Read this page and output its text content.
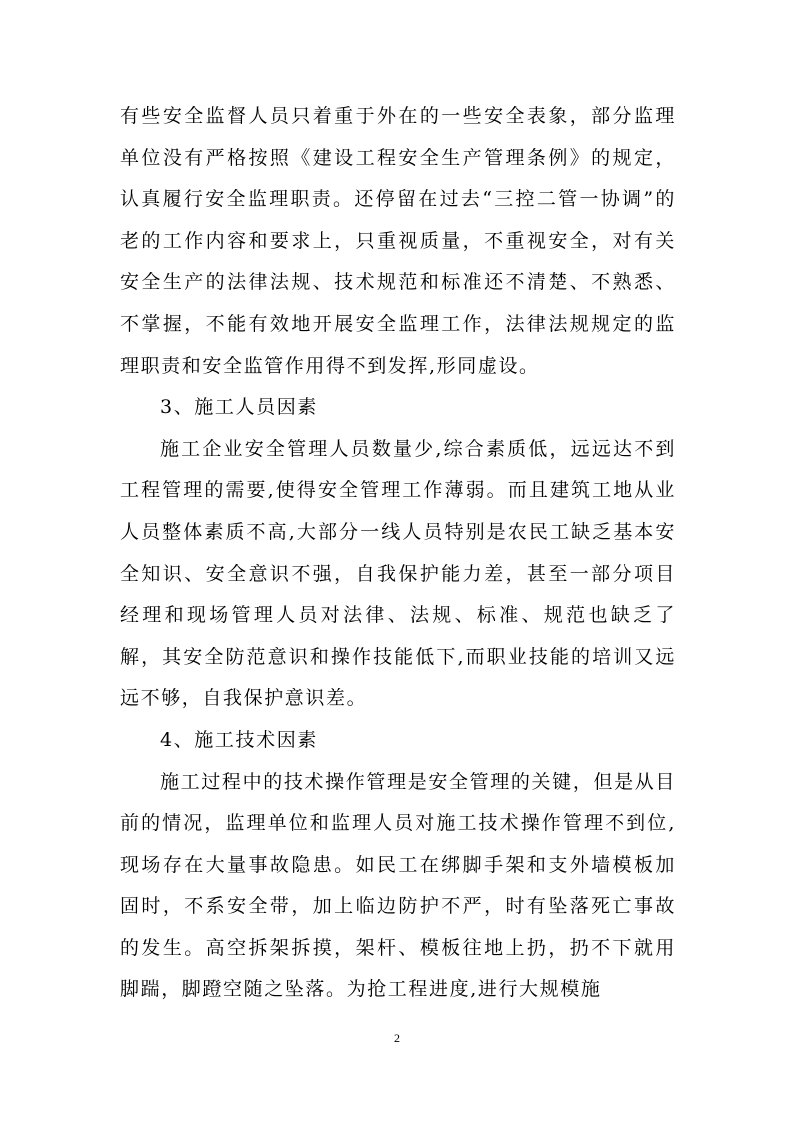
有些安全监督人员只着重于外在的一些安全表象，部分监理单位没有严格按照《建设工程安全生产管理条例》的规定，认真履行安全监理职责。还停留在过去“三控二管一协调”的老的工作内容和要求上，只重视质量，不重视安全，对有关安全生产的法律法规、技术规范和标准还不清楚、不熟悉、不掌握，不能有效地开展安全监理工作，法律法规规定的监理职责和安全监管作用得不到发挥,形同虚设。

3、施工人员因素

施工企业安全管理人员数量少,综合素质低，远远达不到工程管理的需要,使得安全管理工作薄弱。而且建筑工地从业人员整体素质不高,大部分一线人员特别是农民工缺乏基本安全知识、安全意识不强，自我保护能力差，甚至一部分项目经理和现场管理人员对法律、法规、标准、规范也缺乏了解，其安全防范意识和操作技能低下,而职业技能的培训又远远不够，自我保护意识差。

4、施工技术因素

施工过程中的技术操作管理是安全管理的关键，但是从目前的情况，监理单位和监理人员对施工技术操作管理不到位,现场存在大量事故隐患。如民工在绑脚手架和支外墙模板加固时，不系安全带，加上临边防护不严，时有坠落死亡事故的发生。高空拆架拆摸，架杆、模板往地上扔，扔不下就用脚踹，脚蹬空随之坠落。为抢工程进度,进行大规模施

2
